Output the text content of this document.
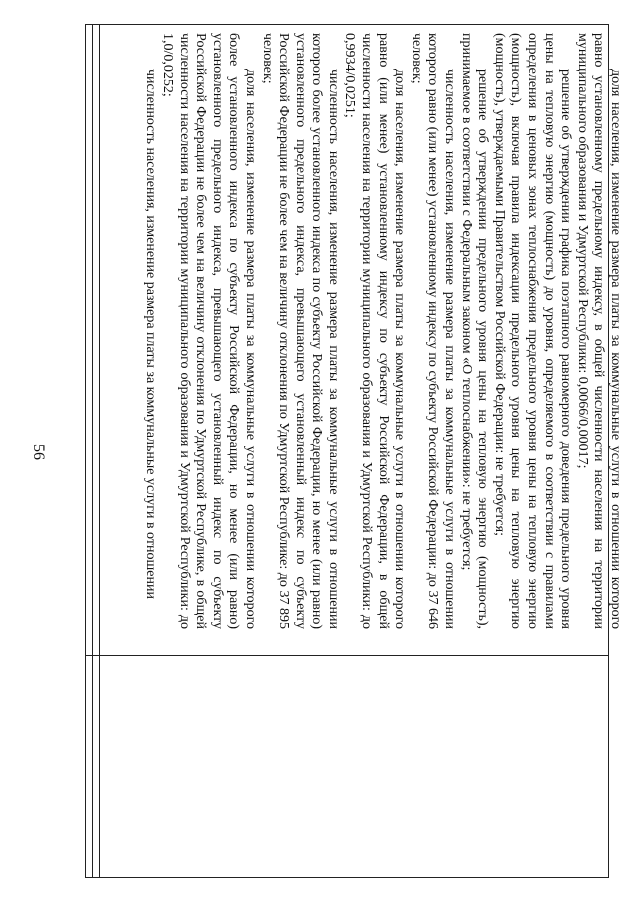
56	доля населения, изменение размера платы за коммунальные услуги в отношении которого равно установленному предельному индексу, в общей численности населения на территории муниципального образования и Удмуртской Республики: 0,0066/0,00017;

решение об утверждении графика поэтапного равномерного доведения предельного уровня цены на тепловую энергию (мощность) до уровня, определяемого в соответствии с правилами определения в ценовых зонах теплоснабжения предельного уровня цены на тепловую энергию (мощность), включая правила индексации предельного уровня цены на тепловую энергию (мощность), утверждаемыми Правительством Российской Федерации: не требуется;

решение об утверждении предельного уровня цены на тепловую энергию (мощность), принимаемое в соответствии с Федеральным законом «О теплоснабжении»: не требуется;

численность населения, изменение размера платы за коммунальные услуги в отношении которого равно (или менее) установленному индексу по субъекту Российской Федерации: до 37 646 человек;

доля населения, изменение размера платы за коммунальные услуги в отношении которого равно (или менее) установленному индексу по субъекту Российской Федерации, в общей численности населения на территории муниципального образования и Удмуртской Республики: до 0,9934/0,0251;

численность населения, изменение размера платы за коммунальные услуги в отношении которого более установленного индекса по субъекту Российской Федерации, но менее (или равно) установленного предельного индекса, превышающего установленный индекс по субъекту Российской Федерации не более чем на величину отклонения по Удмуртской Республике: до 37 895 человек;

доля населения, изменение размера платы за коммунальные услуги в отношении которого более установленного индекса по субъекту Российской Федерации, но менее (или равно) установленного предельного индекса, превышающего установленный индекс по субъекту Российской Федерации не более чем на величину отклонения по Удмуртской Республике, в общей численности населения на территории муниципального образования и Удмуртской Республики: до 1,0/0,0252;

численность населения, изменение размера платы за коммунальные услуги в отношении
